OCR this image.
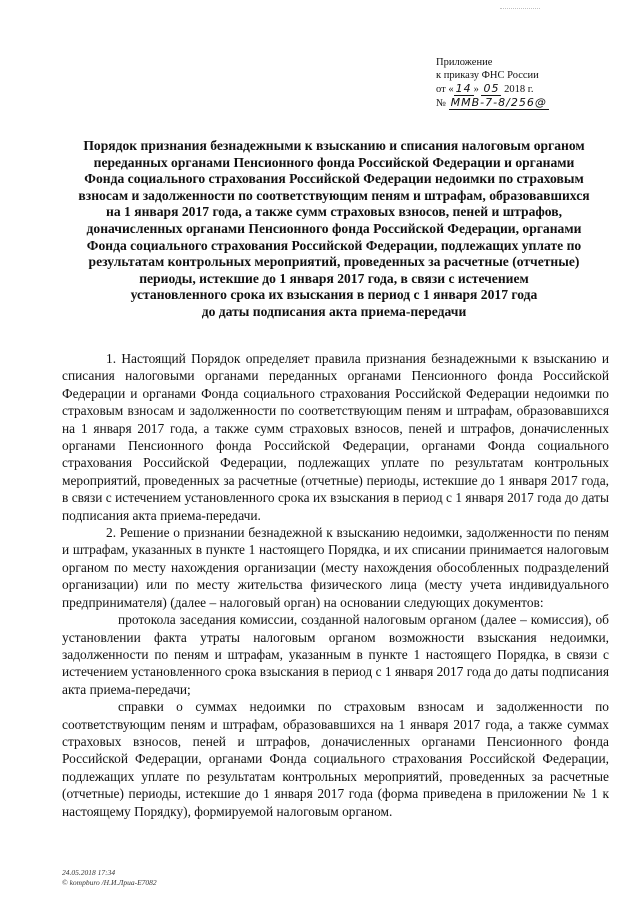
Приложение
к приказу ФНС России
от « 14 » 05 2018 г.
№ ММВ-7-8/256@
Порядок признания безнадежными к взысканию и списания налоговым органом
переданных органами Пенсионного фонда Российской Федерации и органами
Фонда социального страхования Российской Федерации недоимки по страховым
взносам и задолженности по соответствующим пеням и штрафам, образовавшихся
на 1 января 2017 года, а также сумм страховых взносов, пеней и штрафов,
доначисленных органами Пенсионного фонда Российской Федерации, органами
Фонда социального страхования Российской Федерации, подлежащих уплате по
результатам контрольных мероприятий, проведенных за расчетные (отчетные)
периоды, истекшие до 1 января 2017 года, в связи с истечением
установленного срока их взыскания в период с 1 января 2017 года
до даты подписания акта приема-передачи

1. Настоящий Порядок определяет правила признания безнадежными к взысканию и списания налоговыми органами переданных органами Пенсионного фонда Российской Федерации и органами Фонда социального страхования Российской Федерации недоимки по страховым взносам и задолженности по соответствующим пеням и штрафам, образовавшихся на 1 января 2017 года, а также сумм страховых взносов, пеней и штрафов, доначисленных органами Пенсионного фонда Российской Федерации, органами Фонда социального страхования Российской Федерации, подлежащих уплате по результатам контрольных мероприятий, проведенных за расчетные (отчетные) периоды, истекшие до 1 января 2017 года, в связи с истечением установленного срока их взыскания в период с 1 января 2017 года до даты подписания акта приема-передачи.

2. Решение о признании безнадежной к взысканию недоимки, задолженности по пеням и штрафам, указанных в пункте 1 настоящего Порядка, и их списании принимается налоговым органом по месту нахождения организации (месту нахождения обособленных подразделений организации) или по месту жительства физического лица (месту учета индивидуального предпринимателя) (далее – налоговый орган) на основании следующих документов:

протокола заседания комиссии, созданной налоговым органом (далее – комиссия), об установлении факта утраты налоговым органом возможности взыскания недоимки, задолженности по пеням и штрафам, указанным в пункте 1 настоящего Порядка, в связи с истечением установленного срока взыскания в период с 1 января 2017 года до даты подписания акта приема-передачи;

справки о суммах недоимки по страховым взносам и задолженности по соответствующим пеням и штрафам, образовавшихся на 1 января 2017 года, а также суммах страховых взносов, пеней и штрафов, доначисленных органами Пенсионного фонда Российской Федерации, органами Фонда социального страхования Российской Федерации, подлежащих уплате по результатам контрольных мероприятий, проведенных за расчетные (отчетные) периоды, истекшие до 1 января 2017 года (форма приведена в приложении № 1 к настоящему Порядку), формируемой налоговым органом.

24.05.2018 17:34
© kompburo /Н.И.Лриа-Е7082
